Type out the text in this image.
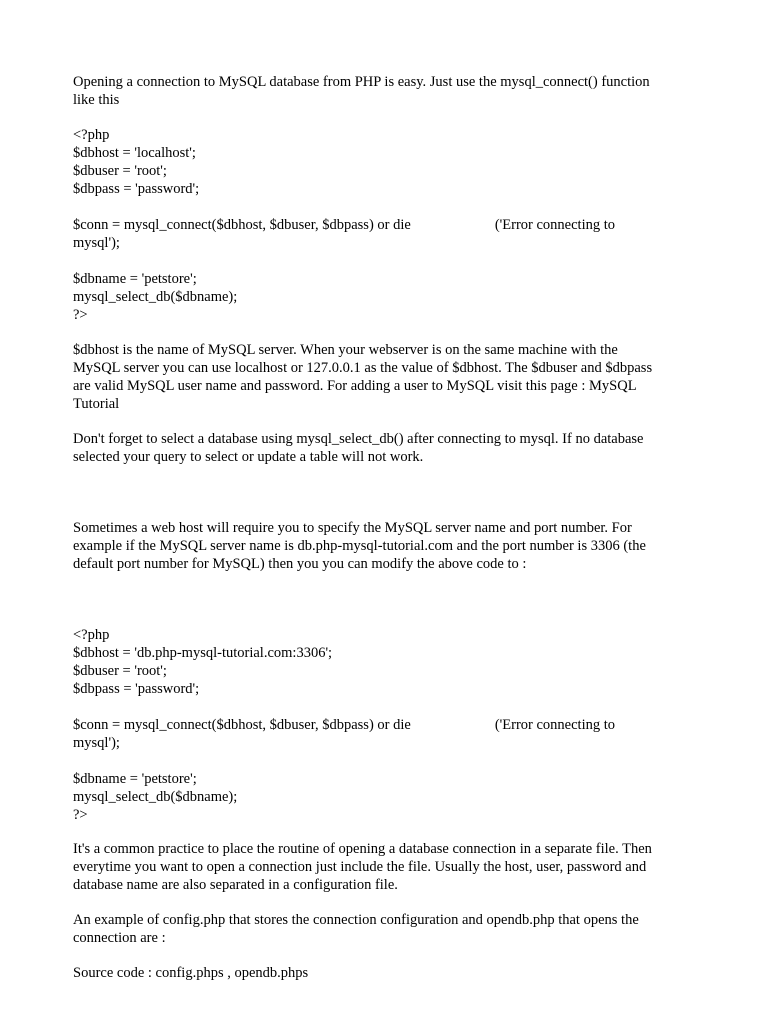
Opening a connection to MySQL database from PHP is easy. Just use the mysql_connect() function
like this

<?php
$dbhost = 'localhost';
$dbuser = 'root';
$dbpass = 'password';

$conn = mysql_connect($dbhost, $dbuser, $dbpass) or die	('Error connecting to
mysql');

$dbname = 'petstore';
mysql_select_db($dbname);
?>

$dbhost is the name of MySQL server. When your webserver is on the same machine with the
MySQL server you can use localhost or 127.0.0.1 as the value of $dbhost. The $dbuser and $dbpass
are valid MySQL user name and password. For adding a user to MySQL visit this page : MySQL
Tutorial

Don't forget to select a database using mysql_select_db() after connecting to mysql. If no database
selected your query to select or update a table will not work.

Sometimes a web host will require you to specify the MySQL server name and port number. For
example if the MySQL server name is db.php-mysql-tutorial.com and the port number is 3306 (the
default port number for MySQL) then you you can modify the above code to :

<?php
$dbhost = 'db.php-mysql-tutorial.com:3306';
$dbuser = 'root';
$dbpass = 'password';

$conn = mysql_connect($dbhost, $dbuser, $dbpass) or die	('Error connecting to
mysql');

$dbname = 'petstore';
mysql_select_db($dbname);
?>

It's a common practice to place the routine of opening a database connection in a separate file. Then
everytime you want to open a connection just include the file. Usually the host, user, password and
database name are also separated in a configuration file.

An example of config.php that stores the connection configuration and opendb.php that opens the
connection are :

Source code : config.phps , opendb.phps
